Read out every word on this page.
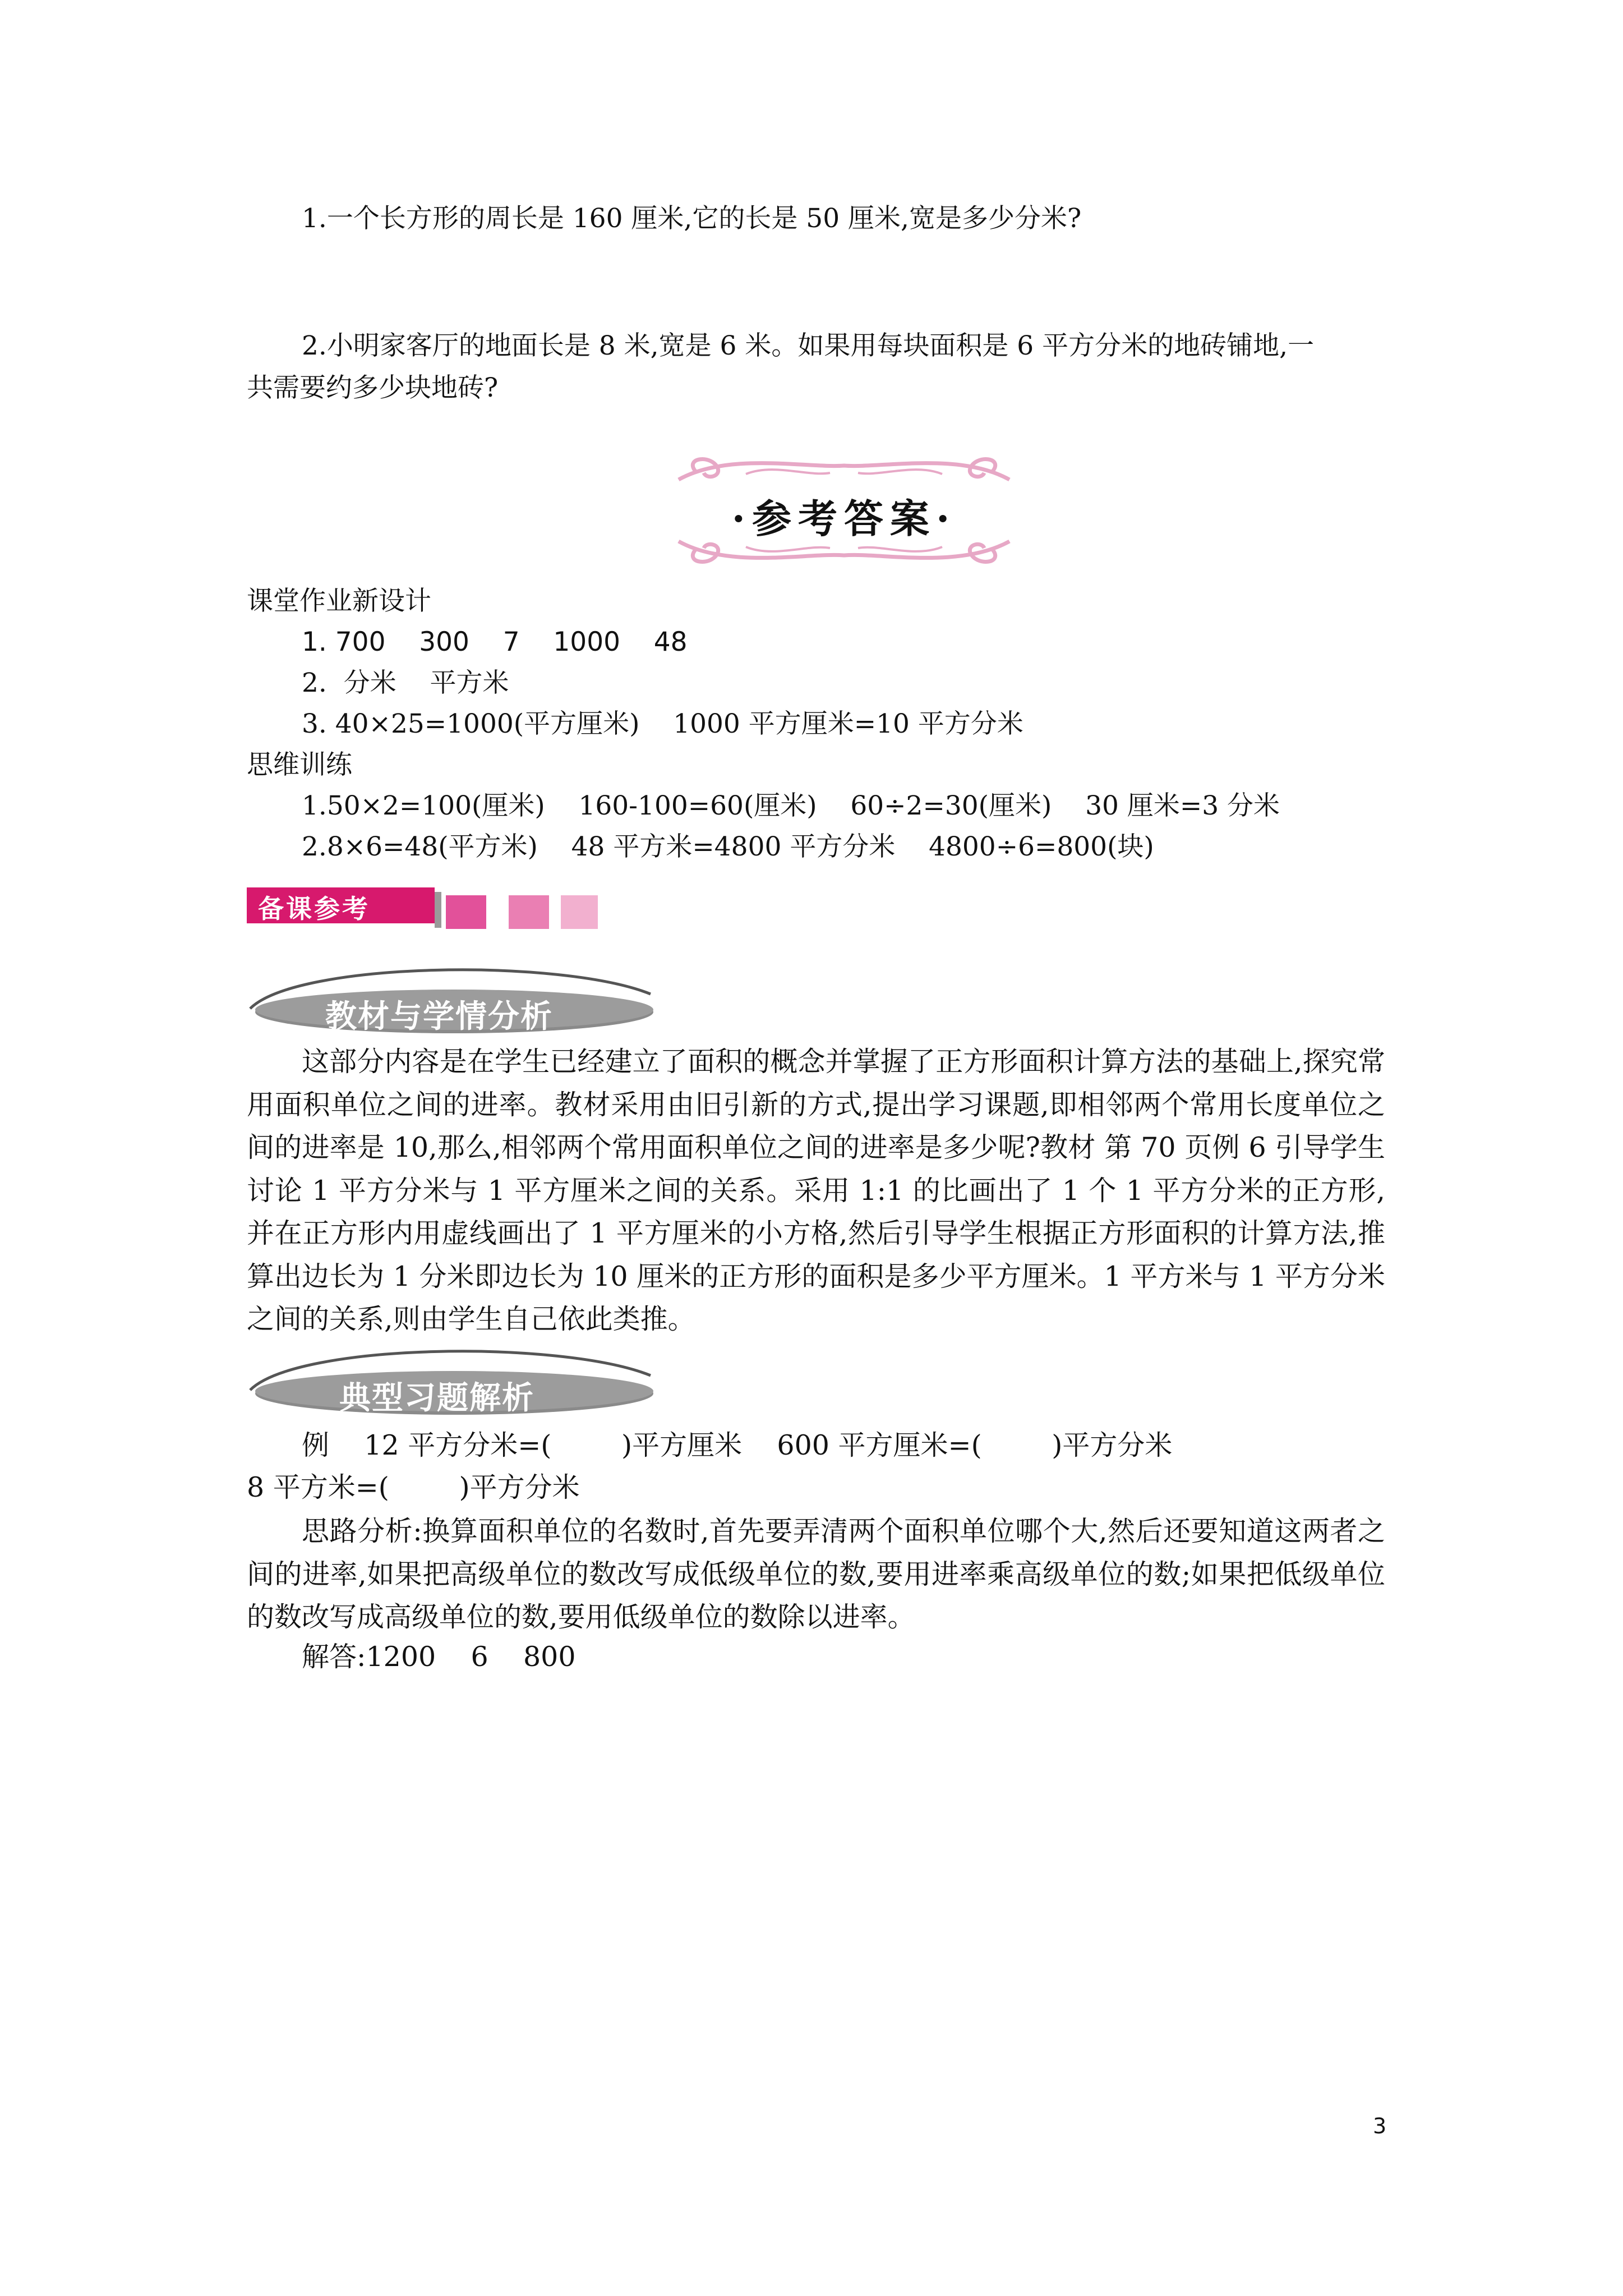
1.一个长方形的周长是 160 厘米,它的长是 50 厘米,宽是多少分米?
2.小明家客厅的地面长是 8 米,宽是 6 米。如果用每块面积是 6 平方分米的地砖铺地,一
共需要约多少块地砖?
·参考答案·
课堂作业新设计
1. 700    300    7    1000    48
2.  分米    平方米
3. 40×25=1000(平方厘米)    1000 平方厘米=10 平方分米
思维训练
1.50×2=100(厘米)    160-100=60(厘米)    60÷2=30(厘米)    30 厘米=3 分米
2.8×6=48(平方米)    48 平方米=4800 平方分米    4800÷6=800(块)
备课参考
教材与学情分析
这部分内容是在学生已经建立了面积的概念并掌握了正方形面积计算方法的基础上,探究常用面积单位之间的进率。教材采用由旧引新的方式,提出学习课题,即相邻两个常用长度单位之间的进率是 10,那么,相邻两个常用面积单位之间的进率是多少呢?教材 第 70 页例 6 引导学生讨论 1 平方分米与 1 平方厘米之间的关系。采用 1:1 的比画出了 1 个 1 平方分米的正方形,并在正方形内用虚线画出了 1 平方厘米的小方格,然后引导学生根据正方形面积的计算方法,推算出边长为 1 分米即边长为 10 厘米的正方形的面积是多少平方厘米。1 平方米与 1 平方分米之间的关系,则由学生自己依此类推。
典型习题解析
例    12 平方分米=(        )平方厘米    600 平方厘米=(        )平方分米
8 平方米=(        )平方分米
思路分析:换算面积单位的名数时,首先要弄清两个面积单位哪个大,然后还要知道这两者之间的进率,如果把高级单位的数改写成低级单位的数,要用进率乘高级单位的数;如果把低级单位的数改写成高级单位的数,要用低级单位的数除以进率。
解答:1200    6    800
3
